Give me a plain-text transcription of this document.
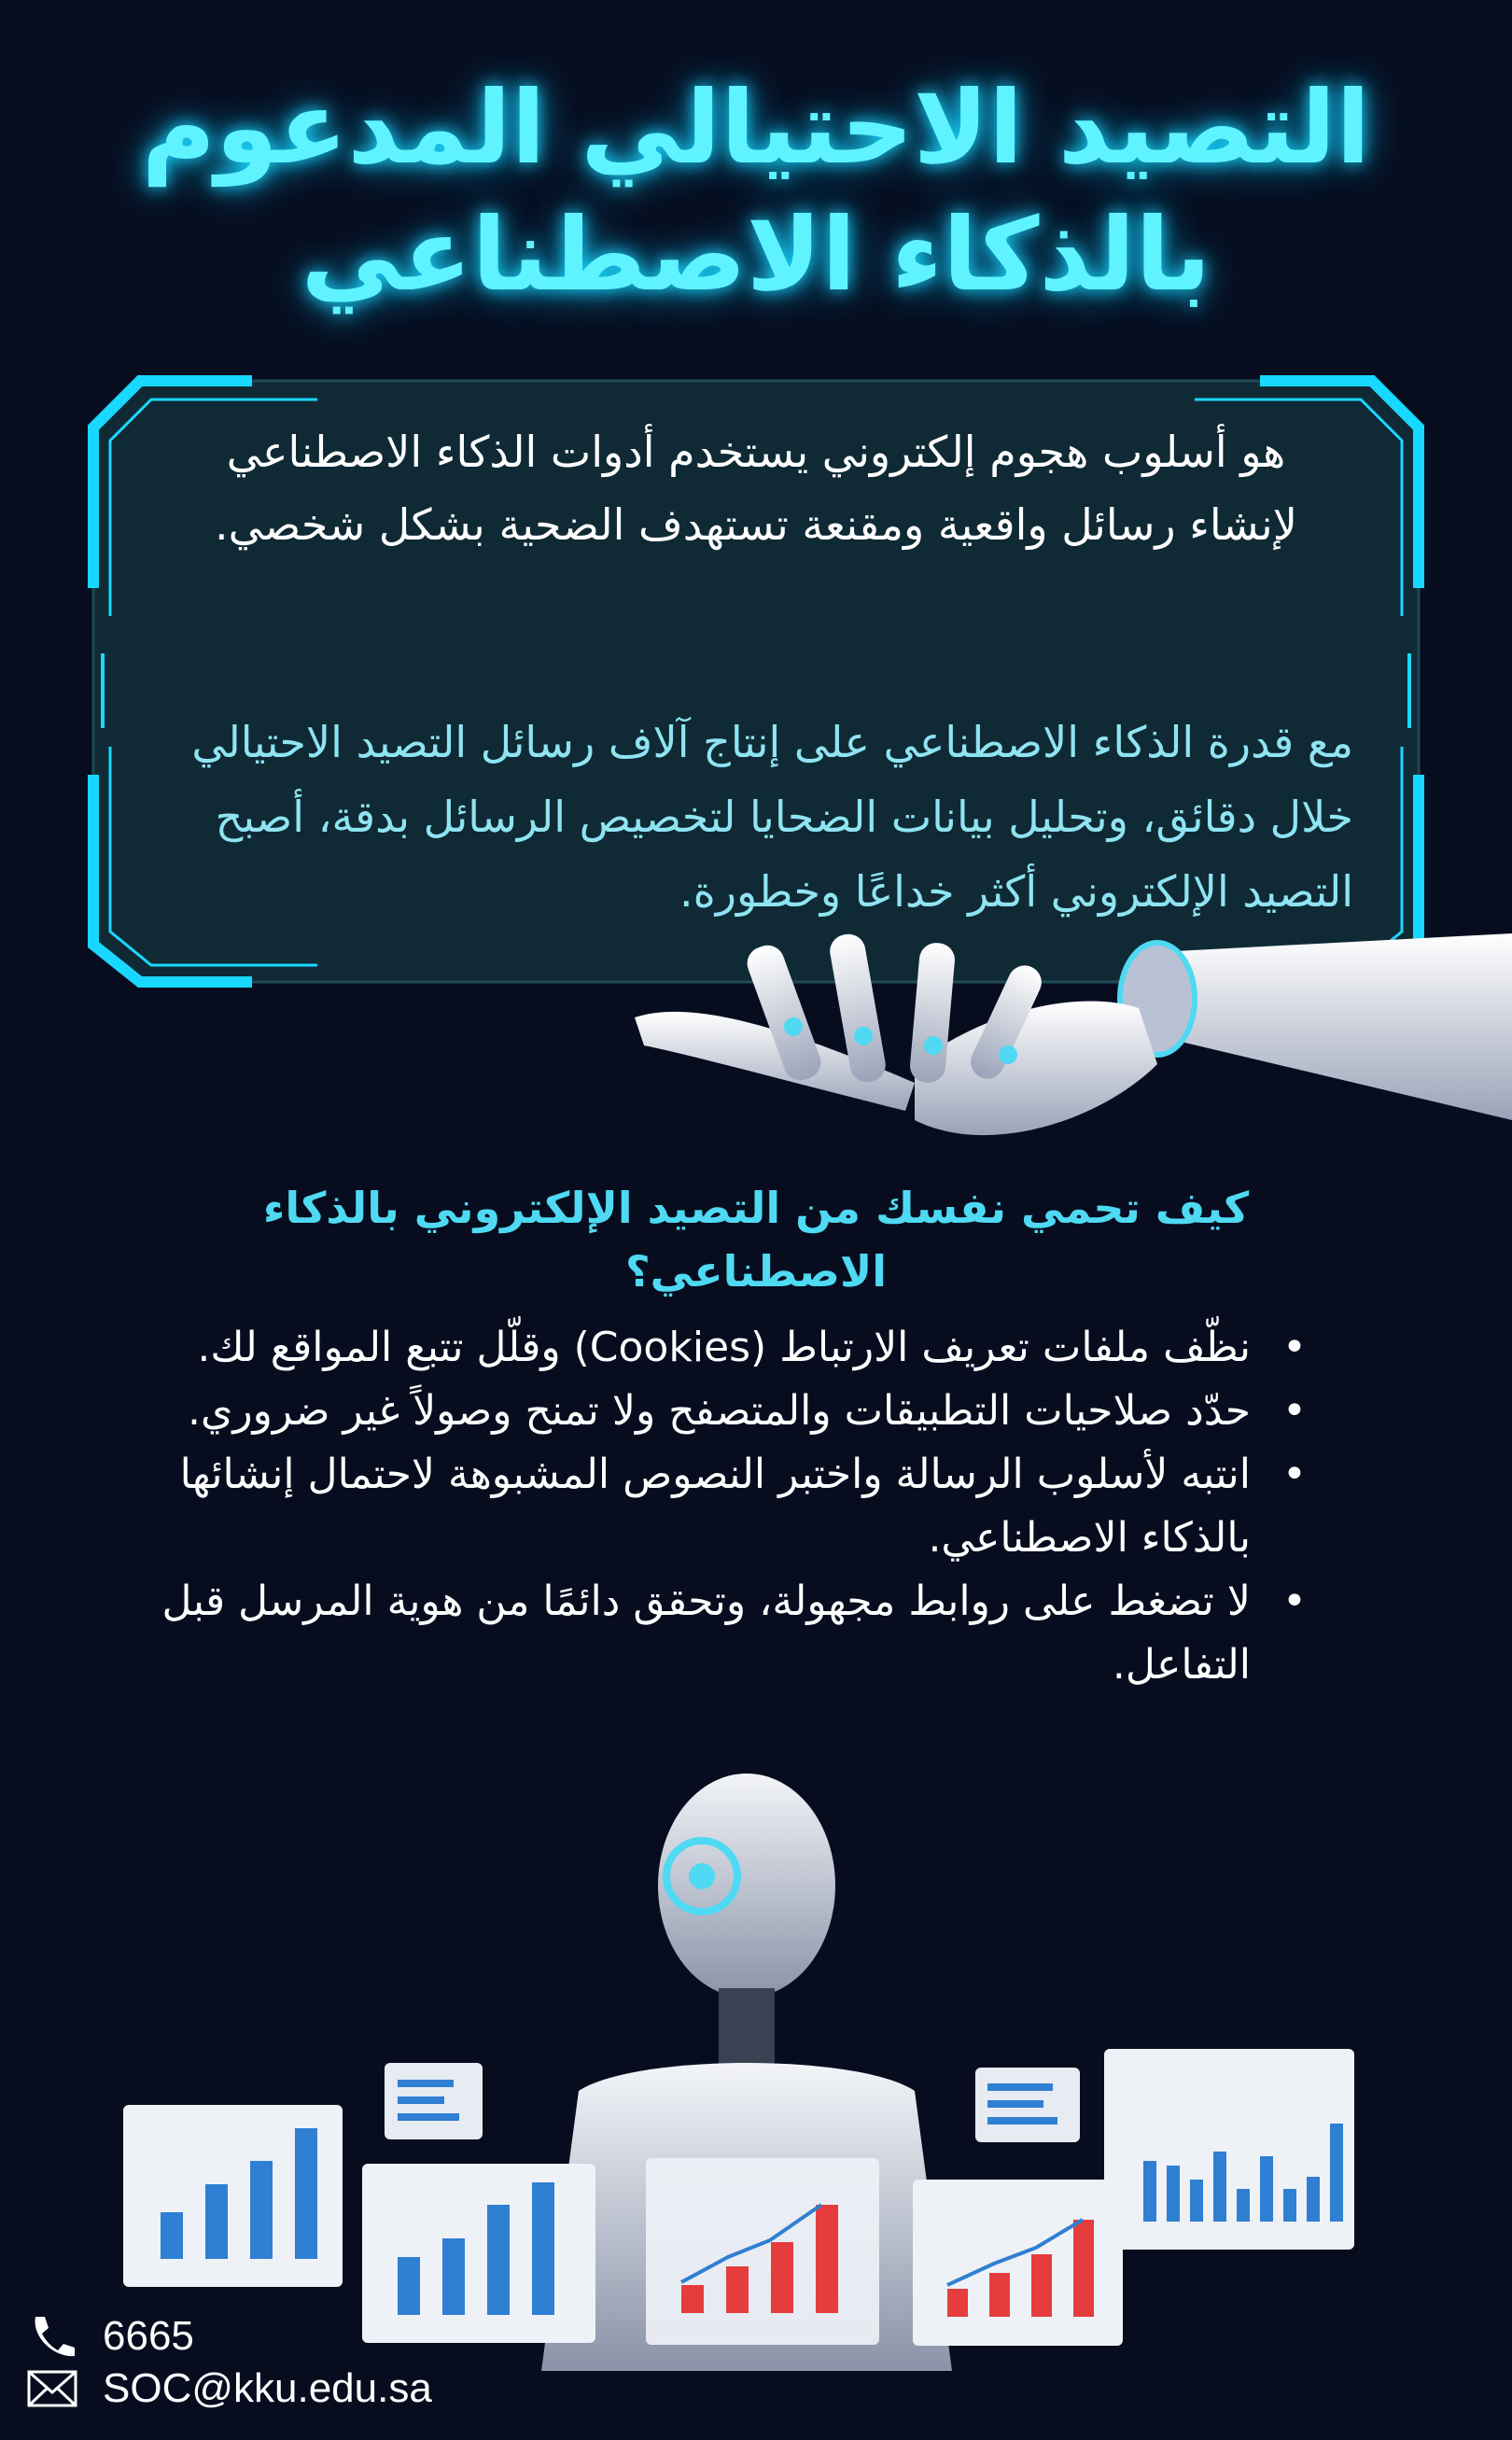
التصيد الاحتيالي المدعوم
بالذكاء الاصطناعي
هو أسلوب هجوم إلكتروني يستخدم أدوات الذكاء الاصطناعي لإنشاء رسائل واقعية ومقنعة تستهدف الضحية بشكل شخصي.
مع قدرة الذكاء الاصطناعي على إنتاج آلاف رسائل التصيد الاحتيالي خلال دقائق، وتحليل بيانات الضحايا لتخصيص الرسائل بدقة، أصبح التصيد الإلكتروني أكثر خداعًا وخطورة.
كيف تحمي نفسك من التصيد الإلكتروني بالذكاء الاصطناعي؟
•
نظّف ملفات تعريف الارتباط (Cookies) وقلّل تتبع المواقع لك.
•
حدّد صلاحيات التطبيقات والمتصفح ولا تمنح وصولاً غير ضروري.
•
انتبه لأسلوب الرسالة واختبر النصوص المشبوهة لاحتمال إنشائها بالذكاء الاصطناعي.
•
لا تضغط على روابط مجهولة، وتحقق دائمًا من هوية المرسل قبل التفاعل.
6665
SOC@kku.edu.sa
